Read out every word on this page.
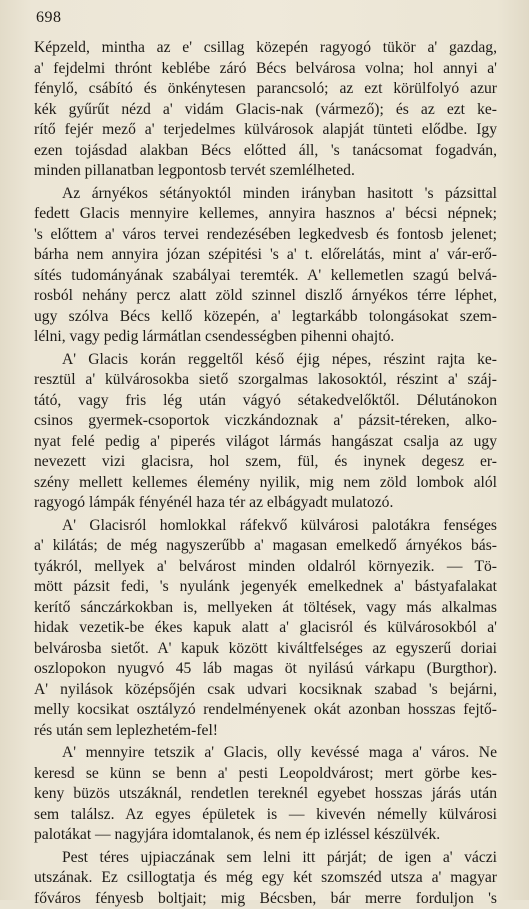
698

Képzeld, mintha az e' csillag közepén ragyogó tükör a' gazdag,
a' fejdelmi thrónt keblébe záró Bécs belvárosa volna; hol annyi a'
fénylő, csábító és önkénytesen parancsoló; az ezt körülfolyó azur
kék gyűrűt nézd a' vidám Glacis-nak (vármező); és az ezt ke-
rítő fejér mező a' terjedelmes külvárosok alapját tünteti elődbe. Igy
ezen tojásdad alakban Bécs előtted áll, 's tanácsomat fogadván,
minden pillanatban legpontosb tervét szemlélheted.

Az árnyékos sétányoktól minden irányban hasitott 's pázsittal
fedett Glacis mennyire kellemes, annyira hasznos a' bécsi népnek;
's előttem a' város tervei rendezésében legkedvesb és fontosb jelenet;
bárha nem annyira józan szépitési 's a' t. előrelátás, mint a' vár-erő-
sítés tudományának szabályai teremték. A' kellemetlen szagú belvá-
rosból nehány percz alatt zöld szinnel diszlő árnyékos térre léphet,
ugy szólva Bécs kellő közepén, a' legtarkább tolongásokat szem-
lélni, vagy pedig lármátlan csendességben pihenni ohajtó.

A' Glacis korán reggeltől késő éjig népes, részint rajta ke-
resztül a' külvárosokba siető szorgalmas lakosoktól, részint a' száj-
tátó, vagy fris lég után vágyó sétakedvelőktől. Délutánokon
csinos gyermek-csoportok viczkándoznak a' pázsit-téreken, alko-
nyat felé pedig a' piperés világot lármás hangászat csalja az ugy
nevezett vizi glacisra, hol szem, fül, és inynek degesz er-
szény mellett kellemes élemény nyilik, mig nem zöld lombok alól
ragyogó lámpák fényénél haza tér az elbágyadt mulatozó.

A' Glacisról homlokkal ráfekvő külvárosi palotákra fenséges
a' kilátás; de még nagyszerűbb a' magasan emelkedő árnyékos bás-
tyákról, mellyek a' belvárost minden oldalról környezik. — Tö-
mött pázsit fedi, 's nyulánk jegenyék emelkednek a' bástyafalakat
kerítő sánczárkokban is, mellyeken át töltések, vagy más alkalmas
hidak vezetik-be ékes kapuk alatt a' glacisról és külvárosokból a'
belvárosba sietőt. A' kapuk között kiváltfelséges az egyszerű doriai
oszlopokon nyugvó 45 láb magas öt nyilású várkapu (Burgthor).
A' nyilások középsőjén csak udvari kocsiknak szabad 's bejárni,
melly kocsikat osztályzó rendelményenek okát azonban hosszas fejtő-
rés után sem leplezhetém-fel!

A' mennyire tetszik a' Glacis, olly kevéssé maga a' város. Ne
keresd se künn se benn a' pesti Leopoldvárost; mert görbe kes-
keny büzös utszáknál, rendetlen tereknél egyebet hosszas járás után
sem találsz. Az egyes épületek is — kivevén némelly külvárosi
palotákat — nagyjára idomtalanok, és nem ép izléssel készülvék.

Pest téres ujpiaczának sem lelni itt párját; de igen a' váczi
utszának. Ez csillogtatja és még egy két szomszéd utsza a' magyar
főváros fényesb boltjait; mig Bécsben, bár merre forduljon 's
